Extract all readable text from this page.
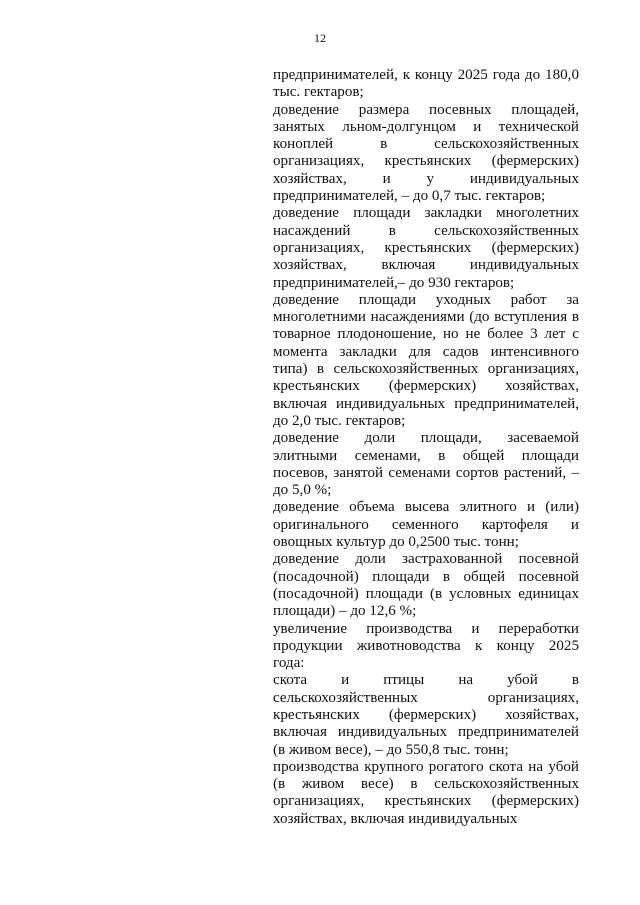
12
предпринимателей, к концу 2025 года до 180,0
тыс. гектаров;
доведение размера посевных площадей,
занятых льном-долгунцом и технической
коноплей в сельскохозяйственных
организациях, крестьянских (фермерских)
хозяйствах, и у индивидуальных
предпринимателей, – до 0,7 тыс. гектаров;
доведение площади закладки многолетних
насаждений в сельскохозяйственных
организациях, крестьянских (фермерских)
хозяйствах, включая индивидуальных
предпринимателей,– до 930 гектаров;
доведение площади уходных работ за
многолетними насаждениями (до вступления в
товарное плодоношение, но не более 3 лет с
момента закладки для садов интенсивного
типа) в сельскохозяйственных организациях,
крестьянских (фермерских) хозяйствах,
включая индивидуальных предпринимателей,
до 2,0 тыс. гектаров;
доведение доли площади, засеваемой
элитными семенами, в общей площади
посевов, занятой семенами сортов растений, –
до 5,0 %;
доведение объема высева элитного и (или)
оригинального семенного картофеля и
овощных культур до 0,2500 тыс. тонн;
доведение доли застрахованной посевной
(посадочной) площади в общей посевной
(посадочной) площади (в условных единицах
площади) – до 12,6 %;
увеличение производства и переработки
продукции животноводства к концу 2025
года:
скота и птицы на убой в
сельскохозяйственных организациях,
крестьянских (фермерских) хозяйствах,
включая индивидуальных предпринимателей
(в живом весе), – до 550,8 тыс. тонн;
производства крупного рогатого скота на убой
(в живом весе) в сельскохозяйственных
организациях, крестьянских (фермерских)
хозяйствах, включая индивидуальных
